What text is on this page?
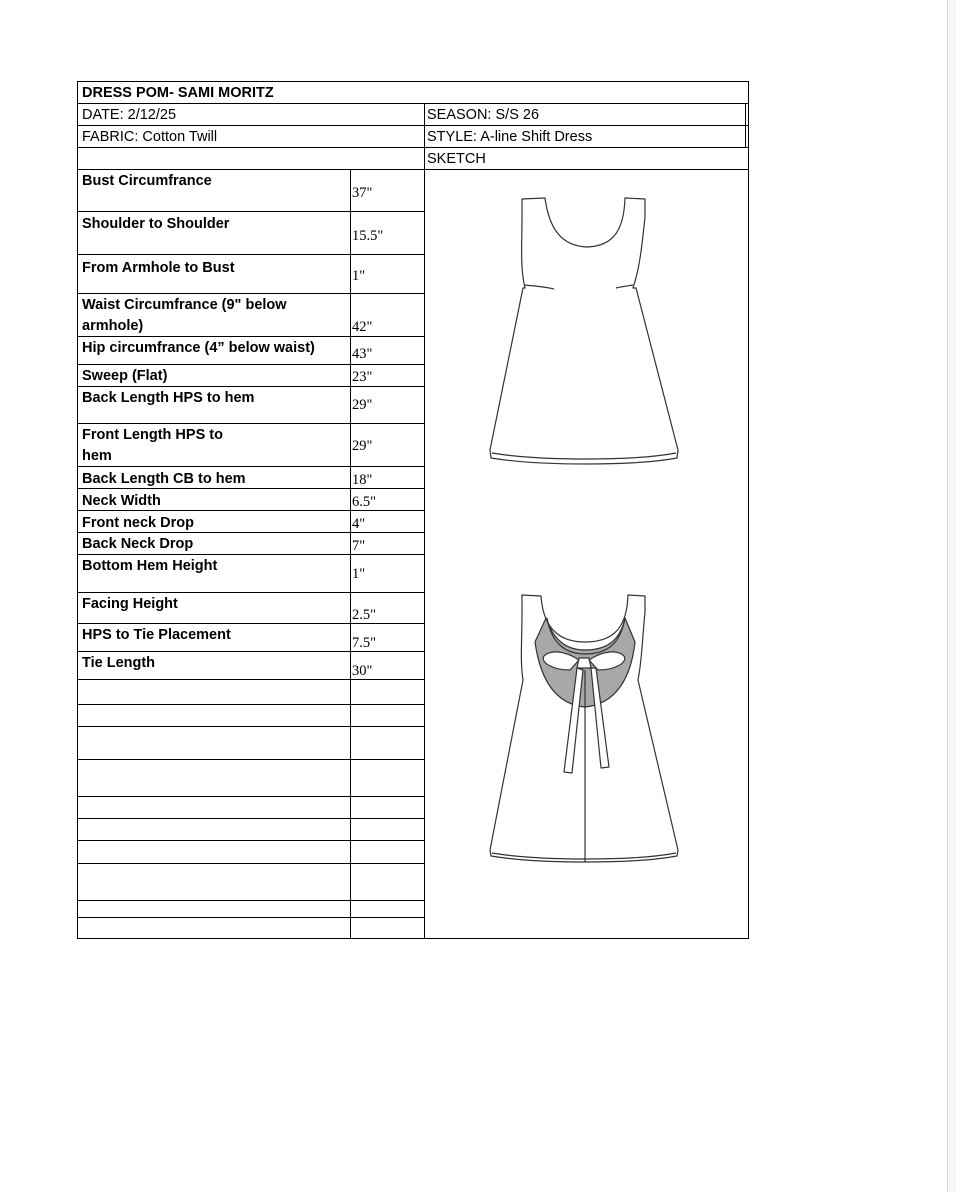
DRESS POM- SAMI MORITZ
DATE: 2/12/25	SEASON: S/S 26
FABRIC: Cotton Twill	STYLE: A-line Shift Dress
SKETCH
Bust Circumfrance
Shoulder to Shoulder
From Armhole to Bust
Waist Circumfrance (9" below armhole)
Hip circumfrance (4” below waist)
Sweep (Flat)
Back Length HPS to hem
Front Length HPS to hem
Back Length CB to hem
Neck Width
Front neck Drop
Back Neck Drop
Bottom Hem Height
Facing Height
HPS to Tie Placement
Tie Length
37"
15.5"
1"
42"
43"
23"
29"
29"
18"
6.5"
4"
7"
1"
2.5"
7.5"
30"
